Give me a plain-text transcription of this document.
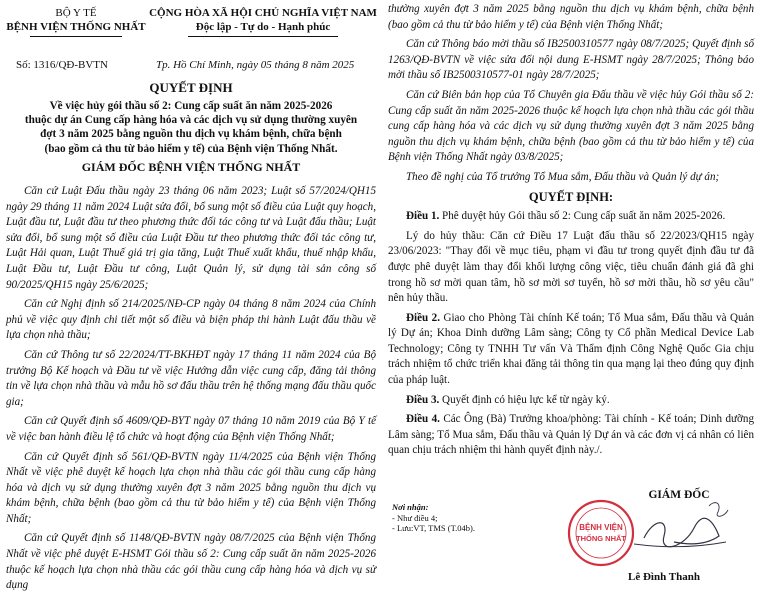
BỘ Y TẾ
BỆNH VIỆN THỐNG NHẤT
CỘNG HÒA XÃ HỘI CHỦ NGHĨA VIỆT NAM
Độc lập - Tự do - Hạnh phúc
Số: 1316/QĐ-BVTN	Tp. Hồ Chí Minh, ngày 05 tháng 8 năm 2025
QUYẾT ĐỊNH
Về việc hủy gói thầu số 2: Cung cấp suất ăn năm 2025-2026
thuộc dự án Cung cấp hàng hóa và các dịch vụ sử dụng thường xuyên
đợt 3 năm 2025 bằng nguồn thu dịch vụ khám bệnh, chữa bệnh
(bao gồm cả thu từ bảo hiểm y tế) của Bệnh viện Thống Nhất.
GIÁM ĐỐC BỆNH VIỆN THỐNG NHẤT

Căn cứ Luật Đấu thầu ngày 23 tháng 06 năm 2023; Luật số 57/2024/QH15 ngày 29 tháng 11 năm 2024 Luật sửa đổi, bổ sung một số điều của Luật quy hoạch, Luật đầu tư, Luật đầu tư theo phương thức đối tác công tư và Luật đấu thầu; Luật sửa đổi, bổ sung một số điều của Luật Đầu tư theo phương thức đối tác công tư, Luật Hải quan, Luật Thuế giá trị gia tăng, Luật Thuế xuất khẩu, thuế nhập khẩu, Luật Đầu tư, Luật Đầu tư công, Luật Quản lý, sử dụng tài sản công số 90/2025/QH15 ngày 25/6/2025;

Căn cứ Nghị định số 214/2025/NĐ-CP ngày 04 tháng 8 năm 2024 của Chính phủ về việc quy định chi tiết một số điều và biện pháp thi hành Luật đấu thầu về lựa chọn nhà thầu;

Căn cứ Thông tư số 22/2024/TT-BKHĐT ngày 17 tháng 11 năm 2024 của Bộ trưởng Bộ Kế hoạch và Đầu tư về việc Hướng dẫn việc cung cấp, đăng tải thông tin về lựa chọn nhà thầu và mẫu hồ sơ đấu thầu trên hệ thống mạng đấu thầu quốc gia;

Căn cứ Quyết định số 4609/QĐ-BYT ngày 07 tháng 10 năm 2019 của Bộ Y tế về việc ban hành điều lệ tổ chức và hoạt động của Bệnh viện Thống Nhất;

Căn cứ Quyết định số 561/QĐ-BVTN ngày 11/4/2025 của Bệnh viện Thống Nhất về việc phê duyệt kế hoạch lựa chọn nhà thầu các gói thầu cung cấp hàng hóa và dịch vụ sử dụng thường xuyên đợt 3 năm 2025 bằng nguồn thu dịch vụ khám bệnh, chữa bệnh (bao gồm cả thu từ bảo hiểm y tế) của Bệnh viện Thống Nhất;

Căn cứ Quyết định số 1148/QĐ-BVTN ngày 08/7/2025 của Bệnh viện Thống Nhất về việc phê duyệt E-HSMT Gói thầu số 2: Cung cấp suất ăn năm 2025-2026 thuộc kế hoạch lựa chọn nhà thầu các gói thầu cung cấp hàng hóa và dịch vụ sử dụng

thường xuyên đợt 3 năm 2025 bằng nguồn thu dịch vụ khám bệnh, chữa bệnh (bao gồm cả thu từ bảo hiểm y tế) của Bệnh viện Thống Nhất;

Căn cứ Thông báo mời thầu số IB2500310577 ngày 08/7/2025; Quyết định số 1263/QĐ-BVTN về việc sửa đổi nội dung E-HSMT ngày 28/7/2025; Thông báo mời thầu số IB2500310577-01 ngày 28/7/2025;

Căn cứ Biên bản họp của Tổ Chuyên gia Đấu thầu về việc hủy Gói thầu số 2: Cung cấp suất ăn năm 2025-2026 thuộc kế hoạch lựa chọn nhà thầu các gói thầu cung cấp hàng hóa và các dịch vụ sử dụng thường xuyên đợt 3 năm 2025 bằng nguồn thu dịch vụ khám bệnh, chữa bệnh (bao gồm cả thu từ bảo hiểm y tế) của Bệnh viện Thống Nhất ngày 03/8/2025;

Theo đề nghị của Tổ trưởng Tổ Mua sắm, Đấu thầu và Quản lý dự án;

QUYẾT ĐỊNH:

Điều 1. Phê duyệt hủy Gói thầu số 2: Cung cấp suất ăn năm 2025-2026.

Lý do hủy thầu: Căn cứ Điều 17 Luật đấu thầu số 22/2023/QH15 ngày 23/06/2023: "Thay đổi về mục tiêu, phạm vi đầu tư trong quyết định đầu tư đã được phê duyệt làm thay đổi khối lượng công việc, tiêu chuẩn đánh giá đã ghi trong hồ sơ mời quan tâm, hồ sơ mời sơ tuyển, hồ sơ mời thầu, hồ sơ yêu cầu" nên hủy thầu.

Điều 2. Giao cho Phòng Tài chính Kế toán; Tổ Mua sắm, Đấu thầu và Quản lý Dự án; Khoa Dinh dưỡng Lâm sàng; Công ty Cổ phần Medical Device Lab Technology; Công ty TNHH Tư vấn Và Thẩm định Công Nghệ Quốc Gia chịu trách nhiệm tổ chức triển khai đăng tải thông tin qua mạng lại theo đúng quy định của pháp luật.

Điều 3. Quyết định có hiệu lực kể từ ngày ký.

Điều 4. Các Ông (Bà) Trưởng khoa/phòng: Tài chính - Kế toán; Dinh dưỡng Lâm sàng; Tổ Mua sắm, Đấu thầu và Quản lý Dự án và các đơn vị cá nhân có liên quan chịu trách nhiệm thi hành quyết định này./.

Nơi nhận:
- Như điều 4;
- Lưu:VT, TMS (T.04b).
GIÁM ĐỐC
BỆNH VIỆN
THỐNG NHẤT
Lê Đình Thanh
